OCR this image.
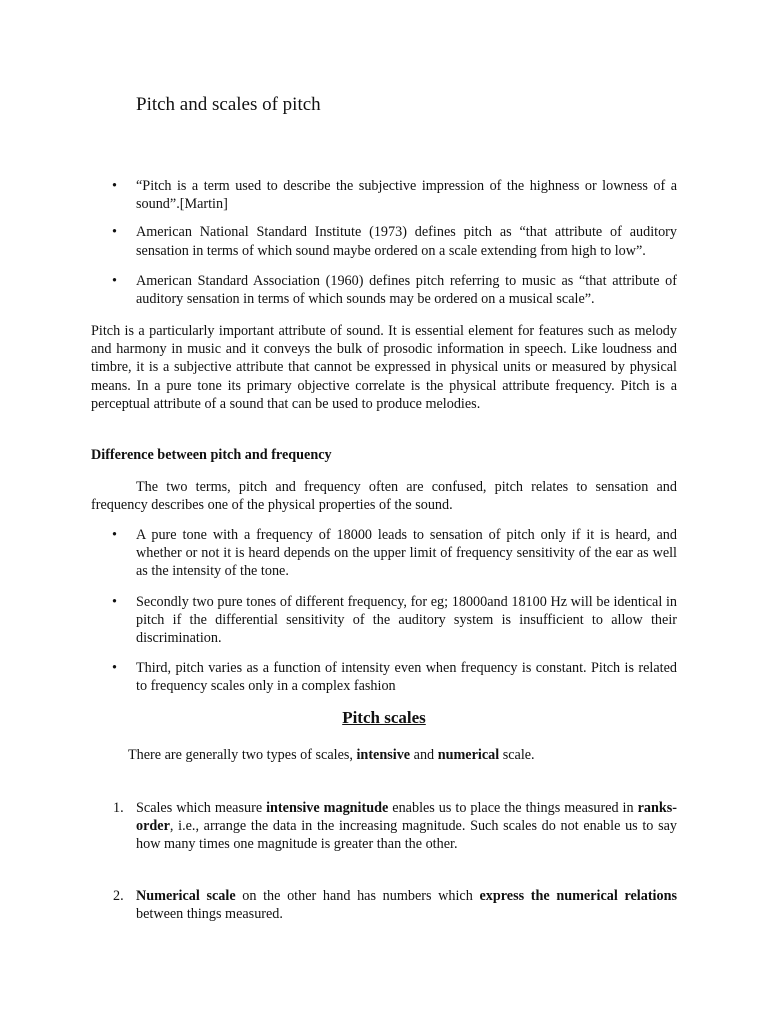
Pitch and scales of pitch
• “Pitch is a term used to describe the subjective impression of the highness or lowness of a sound”.[Martin]
• American National Standard Institute (1973) defines pitch as “that attribute of auditory sensation in terms of which sound maybe ordered on a scale extending from high to low”.
• American Standard Association (1960) defines pitch referring to music as “that attribute of auditory sensation in terms of which sounds may be ordered on a musical scale”.

Pitch is a particularly important attribute of sound. It is essential element for features such as melody and harmony in music and it conveys the bulk of prosodic information in speech. Like loudness and timbre, it is a subjective attribute that cannot be expressed in physical units or measured by physical means. In a pure tone its primary objective correlate is the physical attribute frequency. Pitch is a perceptual attribute of a sound that can be used to produce melodies.

Difference between pitch and frequency

The two terms, pitch and frequency often are confused, pitch relates to sensation and frequency describes one of the physical properties of the sound.

• A pure tone with a frequency of 18000 leads to sensation of pitch only if it is heard, and whether or not it is heard depends on the upper limit of frequency sensitivity of the ear as well as the intensity of the tone.
• Secondly two pure tones of different frequency, for eg; 18000and 18100 Hz will be identical in pitch if the differential sensitivity of the auditory system is insufficient to allow their discrimination.
• Third, pitch varies as a function of intensity even when frequency is constant. Pitch is related to frequency scales only in a complex fashion
Pitch scales

There are generally two types of scales, intensive and numerical scale.

1. Scales which measure intensive magnitude enables us to place the things measured in ranks-order, i.e., arrange the data in the increasing magnitude. Such scales do not enable us to say how many times one magnitude is greater than the other.
2. Numerical scale on the other hand has numbers which express the numerical relations between things measured.
